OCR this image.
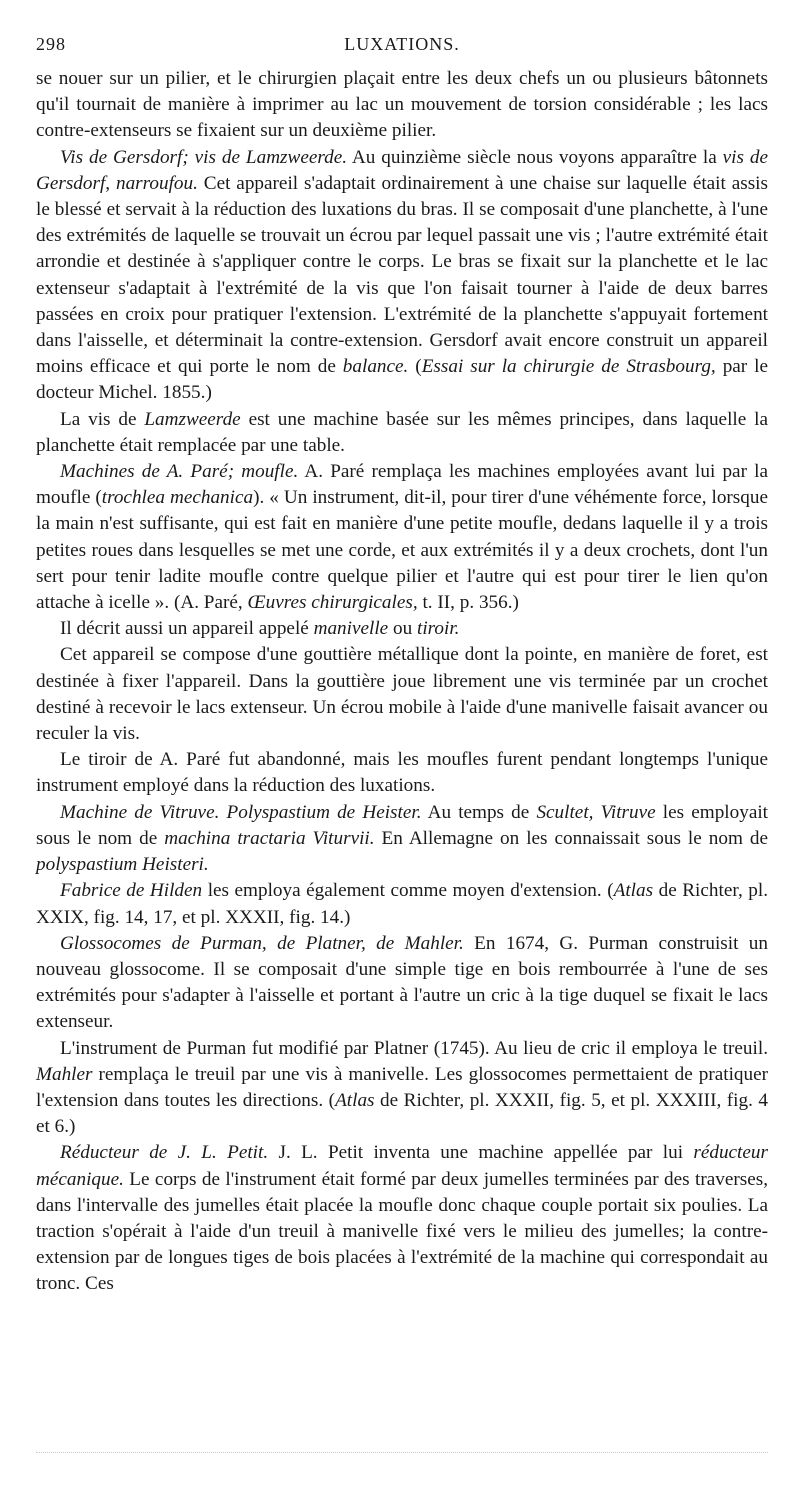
298	LUXATIONS.

se nouer sur un pilier, et le chirurgien plaçait entre les deux chefs un ou plusieurs bâtonnets qu'il tournait de manière à imprimer au lac un mouvement de torsion considérable ; les lacs contre-extenseurs se fixaient sur un deuxième pilier.

Vis de Gersdorf; vis de Lamzweerde. Au quinzième siècle nous voyons apparaître la vis de Gersdorf, narroufou. Cet appareil s'adaptait ordinairement à une chaise sur laquelle était assis le blessé et servait à la réduction des luxations du bras. Il se composait d'une planchette, à l'une des extrémités de laquelle se trouvait un écrou par lequel passait une vis ; l'autre extrémité était arrondie et destinée à s'appliquer contre le corps. Le bras se fixait sur la planchette et le lac extenseur s'adaptait à l'extrémité de la vis que l'on faisait tourner à l'aide de deux barres passées en croix pour pratiquer l'extension. L'extrémité de la planchette s'appuyait fortement dans l'aisselle, et déterminait la contre-extension. Gersdorf avait encore construit un appareil moins efficace et qui porte le nom de balance. (Essai sur la chirurgie de Strasbourg, par le docteur Michel. 1855.)

La vis de Lamzweerde est une machine basée sur les mêmes principes, dans laquelle la planchette était remplacée par une table.

Machines de A. Paré; moufle. A. Paré remplaça les machines employées avant lui par la moufle (trochlea mechanica). « Un instrument, dit-il, pour tirer d'une véhémente force, lorsque la main n'est suffisante, qui est fait en manière d'une petite moufle, dedans laquelle il y a trois petites roues dans lesquelles se met une corde, et aux extrémités il y a deux crochets, dont l'un sert pour tenir ladite moufle contre quelque pilier et l'autre qui est pour tirer le lien qu'on attache à icelle ». (A. Paré, Œuvres chirurgicales, t. II, p. 356.)

Il décrit aussi un appareil appelé manivelle ou tiroir.

Cet appareil se compose d'une gouttière métallique dont la pointe, en manière de foret, est destinée à fixer l'appareil. Dans la gouttière joue librement une vis terminée par un crochet destiné à recevoir le lacs extenseur. Un écrou mobile à l'aide d'une manivelle faisait avancer ou reculer la vis.

Le tiroir de A. Paré fut abandonné, mais les moufles furent pendant longtemps l'unique instrument employé dans la réduction des luxations.

Machine de Vitruve. Polyspastium de Heister. Au temps de Scultet, Vitruve les employait sous le nom de machina tractaria Viturvii. En Allemagne on les connaissait sous le nom de polyspastium Heisteri.

Fabrice de Hilden les employa également comme moyen d'extension. (Atlas de Richter, pl. XXIX, fig. 14, 17, et pl. XXXII, fig. 14.)

Glossocomes de Purman, de Platner, de Mahler. En 1674, G. Purman construisit un nouveau glossocome. Il se composait d'une simple tige en bois rembourrée à l'une de ses extrémités pour s'adapter à l'aisselle et portant à l'autre un cric à la tige duquel se fixait le lacs extenseur.

L'instrument de Purman fut modifié par Platner (1745). Au lieu de cric il employa le treuil. Mahler remplaça le treuil par une vis à manivelle. Les glossocomes permettaient de pratiquer l'extension dans toutes les directions. (Atlas de Richter, pl. XXXII, fig. 5, et pl. XXXIII, fig. 4 et 6.)

Réducteur de J. L. Petit. J. L. Petit inventa une machine appellée par lui réducteur mécanique. Le corps de l'instrument était formé par deux jumelles terminées par des traverses, dans l'intervalle des jumelles était placée la moufle donc chaque couple portait six poulies. La traction s'opérait à l'aide d'un treuil à manivelle fixé vers le milieu des jumelles; la contre-extension par de longues tiges de bois placées à l'extrémité de la machine qui correspondait au tronc. Ces
